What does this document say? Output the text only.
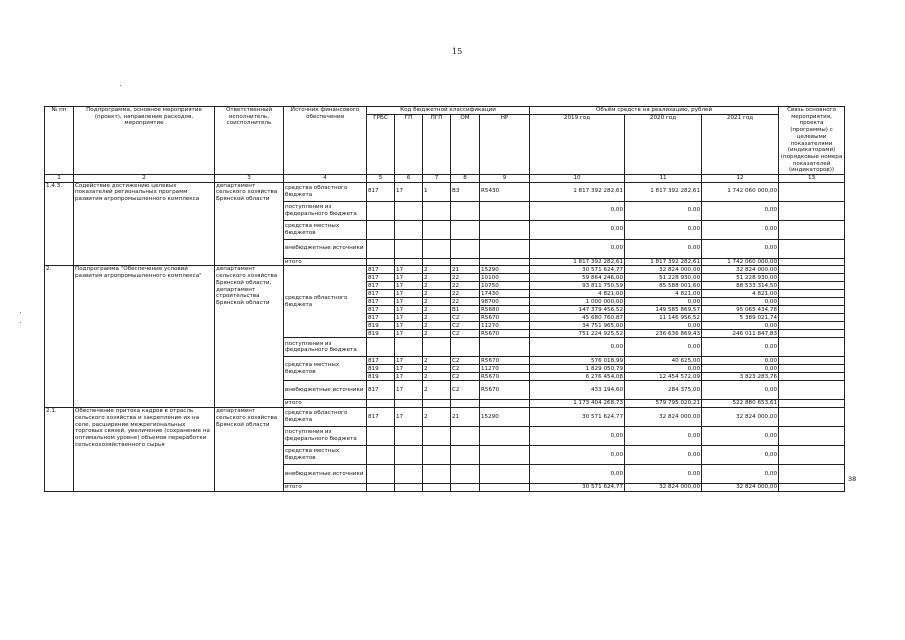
15
№ пп	Подпрограмма, основное мероприятие (проект), направление расходов, мероприятие	Ответственный исполнитель, соисполнитель	Источник финансового обеспечения	Код бюджетной классификации					Объём средств на реализацию, рублей			Связь основного мероприятия, проекта (программы) с целевыми показателями (индикаторами) (порядковые номера показателей (индикаторов))
				ГРБС	ГП	ПГП	ОМ	НР	2019 год	2020 год	2021 год	
1	2	3	4	5	6	7	8	9	10	11	12	13
1.4.3.	Содействие достижению целевых показателей региональных программ развития агропромышленного комплекса	департамент сельского хозяйства Брянской области	средства областного бюджета	817	17	1	В3	R5430	1 817 392 282,61	1 817 392 282,61	1 742 060 000,00	
			поступления из федерального бюджета						0,00	0,00	0,00	
			средства местных бюджетов						0,00	0,00	0,00	
			внебюджетные источники						0,00	0,00	0,00	
			итого						1 817 392 282,61	1 817 392 282,61	1 742 060 000,00	
2.	Подпрограмма "Обеспечение условий развития агропромышленного комплекса"	департамент сельского хозяйства Брянской области, департамент строительства Брянской области	средства областного бюджета	817	17	2	21	15290	30 571 624,77	32 824 000,00	32 824 000,00	
				817	17	2	22	10100	59 864 246,00	51 228 930,00	51 228 930,00	
				817	17	2	22	10750	93 811 750,59	85 588 001,60	88 533 314,50	
				817	17	2	22	17430	4 821,00	4 821,00	4 821,00	
				817	17	2	22	98700	1 000 000,00	0,00	0,00	
				817	17	2	В1	R5680	147 379 456,52	149 585 869,57	95 065 434,78	
				817	17	2	С2	R5670	45 680 760,87	11 146 956,52	5 389 021,74	
				819	17	2	С2	11270	34 751 965,00	0,00	0,00	
				819	17	2	С2	R5670	751 224 925,52	236 636 869,43	246 011 847,83	
			поступления из федерального бюджета						0,00	0,00	0,00	
			средства местных бюджетов	817	17	2	С2	R5670	576 018,99	40 625,00	0,00	
				819	17	2	С2	11270	1 829 050,79	0,00	0,00	
				819	17	2	С2	R5670	6 276 454,08	12 454 572,09	3 823 283,76	
			внебюджетные источники	817	17	2	С2	R5670	433 194,60	284 375,00	0,00	
			итого						1 173 404 268,73	579 795 020,21	522 880 653,61	
2.1.	Обеспечение притока кадров в отрасль сельского хозяйства и закрепление их на селе, расширение межрегиональных торговых связей, увеличение (сохранение на оптимальном уровне) объемов переработки сельскохозяйственного сырья	департамент сельского хозяйства Брянской области	средства областного бюджета	817	17	2	21	15290	30 571 624,77	32 824 000,00	32 824 000,00	
			поступления из федерального бюджета						0,00	0,00	0,00	
			средства местных бюджетов						0,00	0,00	0,00	
			внебюджетные источники						0,00	0,00	0,00	
			итого						30 571 624,77	32 824 000,00	32 824 000,00	
38
